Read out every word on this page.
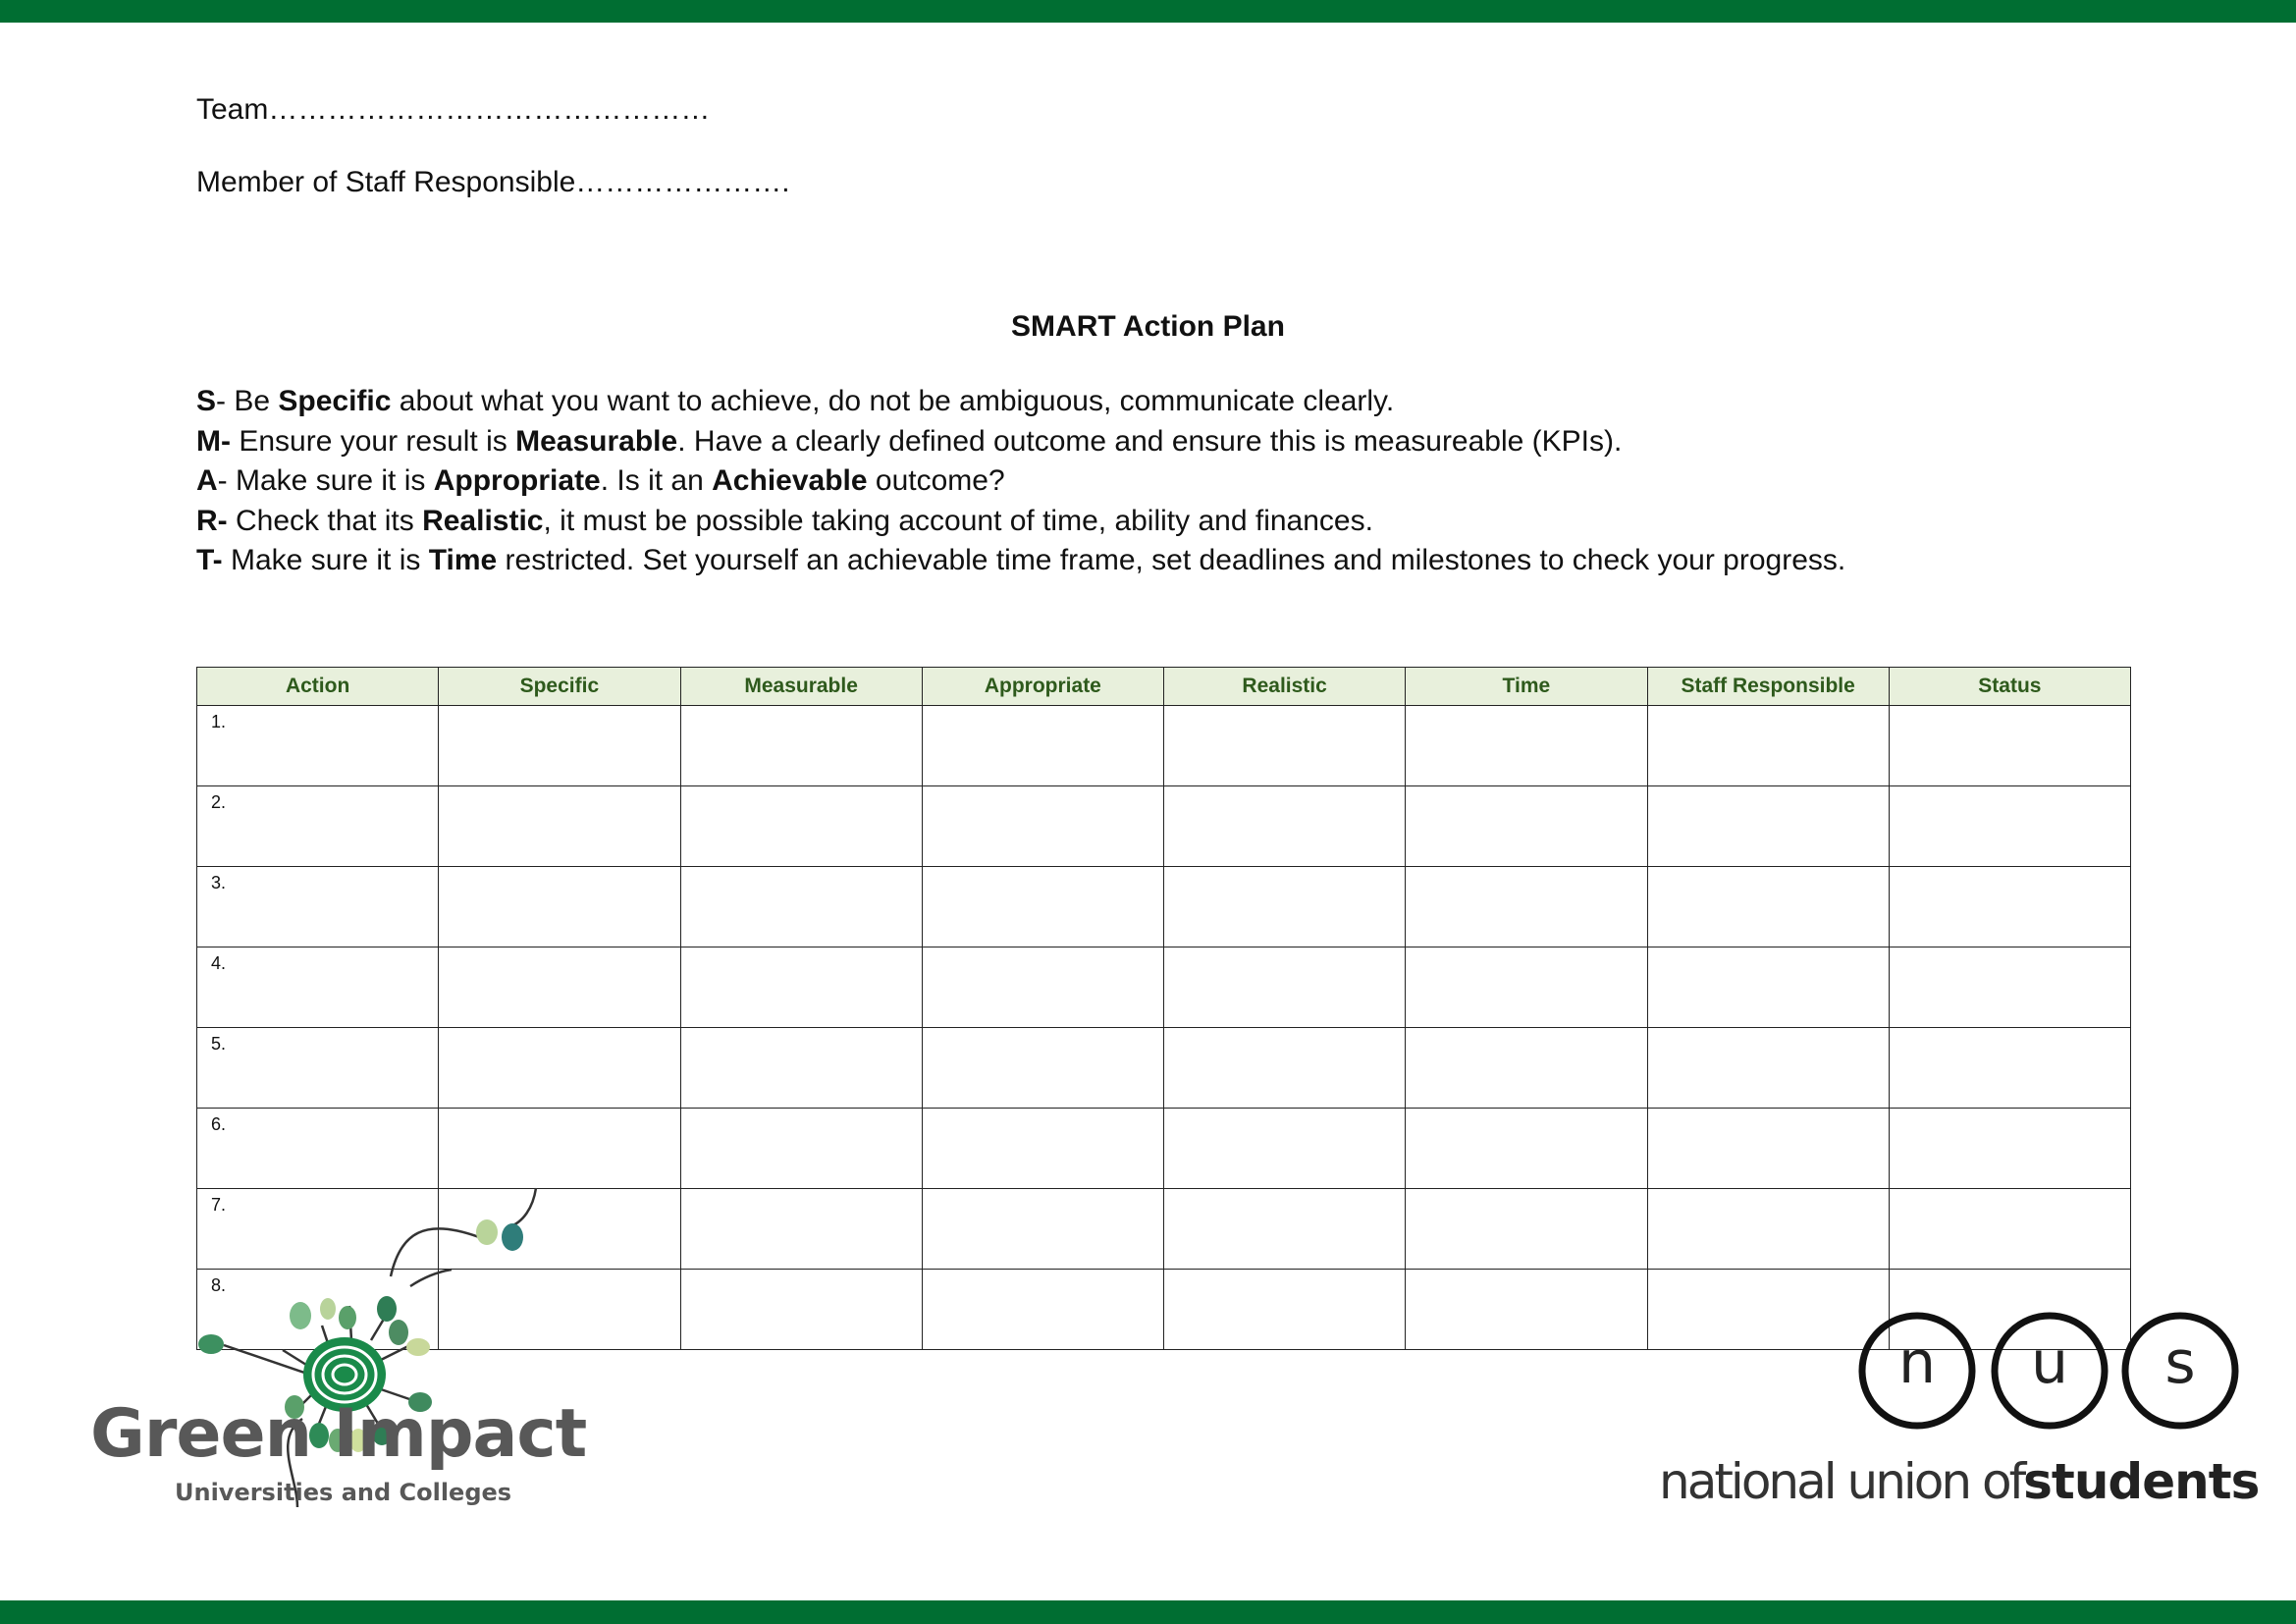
Team………………………………………
Member of Staff Responsible………………….
SMART Action Plan
S- Be Specific about what you want to achieve, do not be ambiguous, communicate clearly.
M- Ensure your result is Measurable. Have a clearly defined outcome and ensure this is measureable (KPIs).
A- Make sure it is Appropriate. Is it an Achievable outcome?
R- Check that its Realistic, it must be possible taking account of time, ability and finances.
T- Make sure it is Time restricted. Set yourself an achievable time frame, set deadlines and milestones to check your progress.
Action	Specific	Measurable	Appropriate	Realistic	Time	Staff Responsible	Status
1.							
2.							
3.							
4.							
5.							
6.							
7.							
8.							
Green Impact
Universities and Colleges
n	u	s
national union ofstudents
